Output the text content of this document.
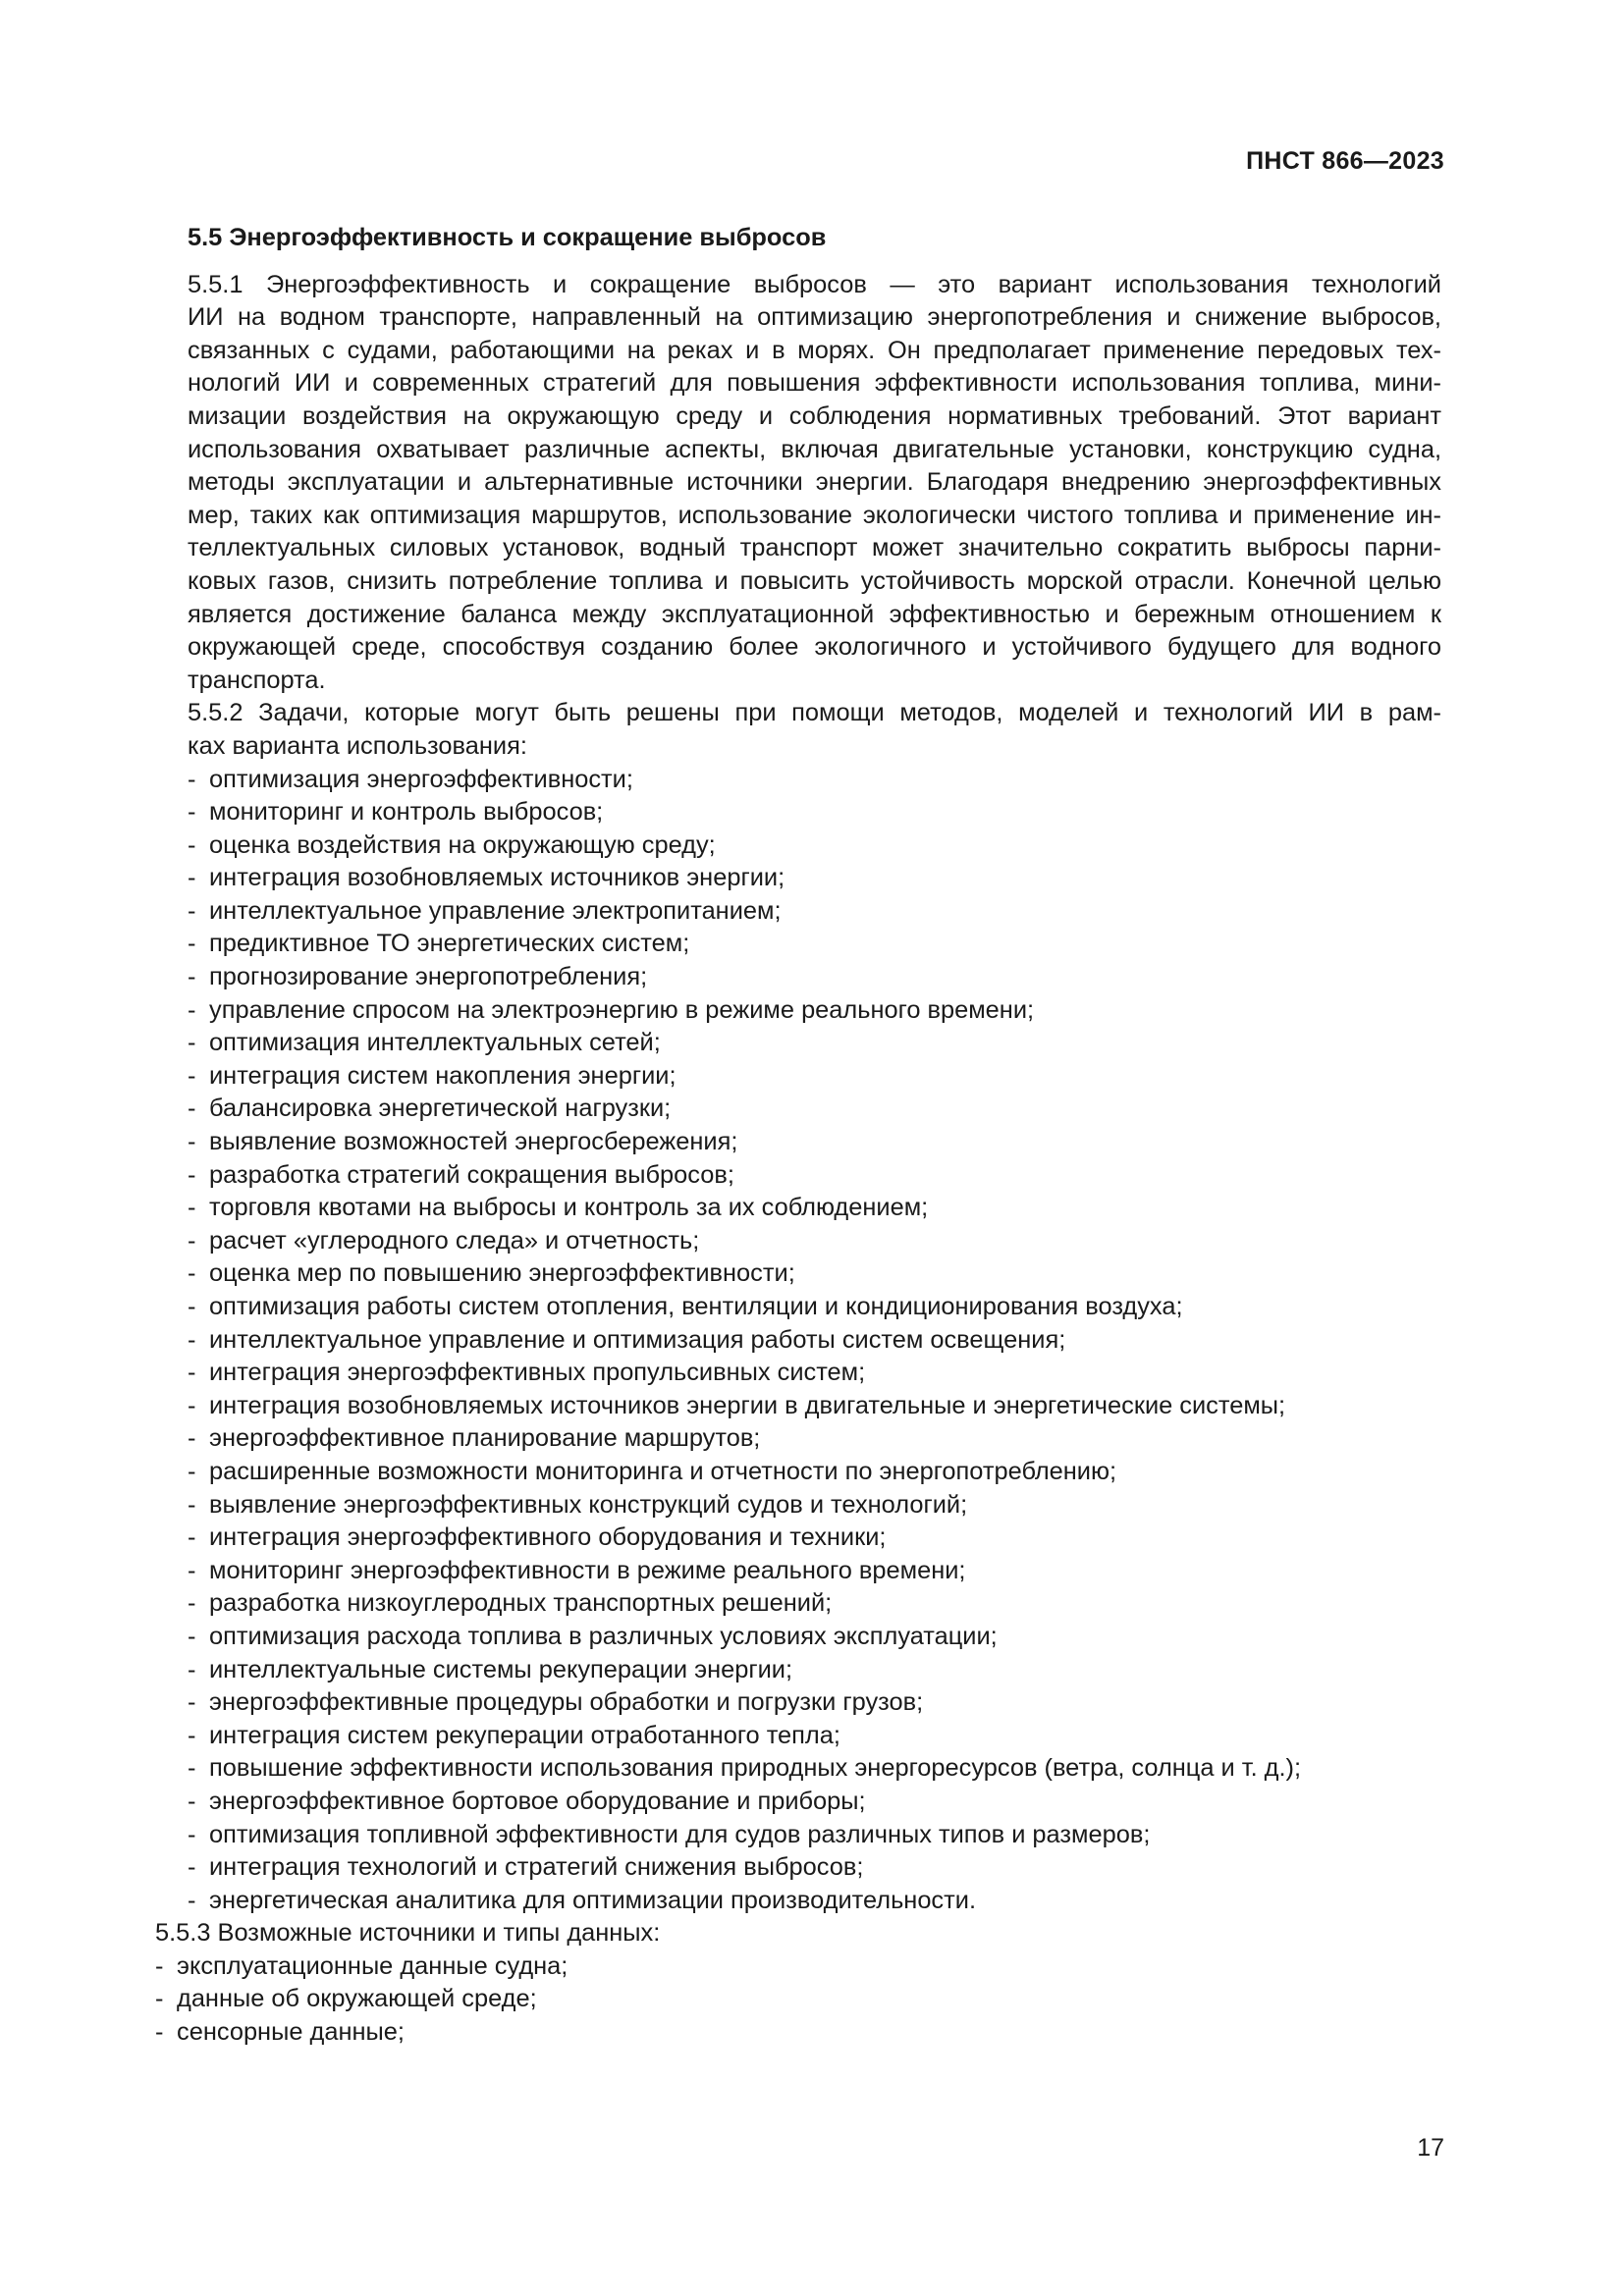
ПНСТ 866—2023
5.5 Энергоэффективность и сокращение выбросов
5.5.1 Энергоэффективность и сокращение выбросов — это вариант использования технологий
ИИ на водном транспорте, направленный на оптимизацию энергопотребления и снижение выбросов,
связанных с судами, работающими на реках и в морях. Он предполагает применение передовых тех-
нологий ИИ и современных стратегий для повышения эффективности использования топлива, мини-
мизации воздействия на окружающую среду и соблюдения нормативных требований. Этот вариант
использования охватывает различные аспекты, включая двигательные установки, конструкцию судна,
методы эксплуатации и альтернативные источники энергии. Благодаря внедрению энергоэффективных
мер, таких как оптимизация маршрутов, использование экологически чистого топлива и применение ин-
теллектуальных силовых установок, водный транспорт может значительно сократить выбросы парни-
ковых газов, снизить потребление топлива и повысить устойчивость морской отрасли. Конечной целью
является достижение баланса между эксплуатационной эффективностью и бережным отношением к
окружающей среде, способствуя созданию более экологичного и устойчивого будущего для водного
транспорта.
5.5.2 Задачи, которые могут быть решены при помощи методов, моделей и технологий ИИ в рам-
ках варианта использования:
- оптимизация энергоэффективности;
- мониторинг и контроль выбросов;
- оценка воздействия на окружающую среду;
- интеграция возобновляемых источников энергии;
- интеллектуальное управление электропитанием;
- предиктивное ТО энергетических систем;
- прогнозирование энергопотребления;
- управление спросом на электроэнергию в режиме реального времени;
- оптимизация интеллектуальных сетей;
- интеграция систем накопления энергии;
- балансировка энергетической нагрузки;
- выявление возможностей энергосбережения;
- разработка стратегий сокращения выбросов;
- торговля квотами на выбросы и контроль за их соблюдением;
- расчет «углеродного следа» и отчетность;
- оценка мер по повышению энергоэффективности;
- оптимизация работы систем отопления, вентиляции и кондиционирования воздуха;
- интеллектуальное управление и оптимизация работы систем освещения;
- интеграция энергоэффективных пропульсивных систем;
- интеграция возобновляемых источников энергии в двигательные и энергетические системы;
- энергоэффективное планирование маршрутов;
- расширенные возможности мониторинга и отчетности по энергопотреблению;
- выявление энергоэффективных конструкций судов и технологий;
- интеграция энергоэффективного оборудования и техники;
- мониторинг энергоэффективности в режиме реального времени;
- разработка низкоуглеродных транспортных решений;
- оптимизация расхода топлива в различных условиях эксплуатации;
- интеллектуальные системы рекуперации энергии;
- энергоэффективные процедуры обработки и погрузки грузов;
- интеграция систем рекуперации отработанного тепла;
- повышение эффективности использования природных энергоресурсов (ветра, солнца и т. д.);
- энергоэффективное бортовое оборудование и приборы;
- оптимизация топливной эффективности для судов различных типов и размеров;
- интеграция технологий и стратегий снижения выбросов;
- энергетическая аналитика для оптимизации производительности.
5.5.3 Возможные источники и типы данных:
- эксплуатационные данные судна;
- данные об окружающей среде;
- сенсорные данные;
17
